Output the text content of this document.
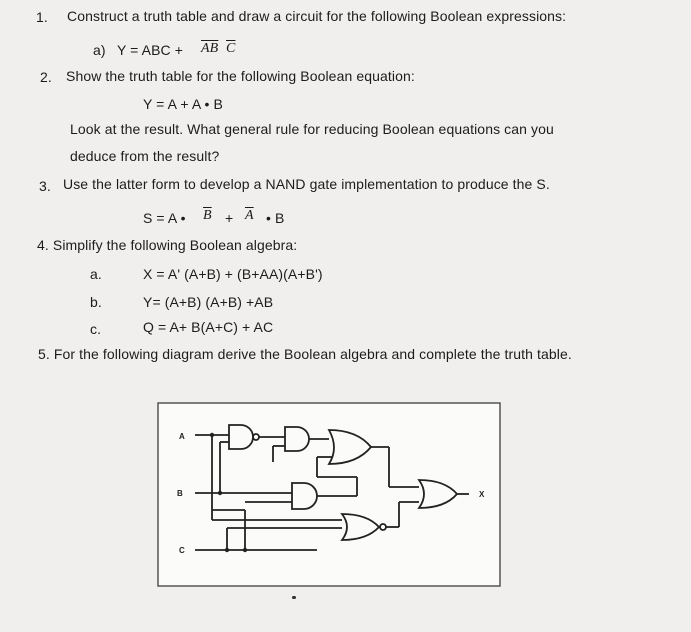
1. Construct a truth table and draw a circuit for the following Boolean expressions:
a) Y = ABC + $\overline{AB}$ $\overline{C}$
2. Show the truth table for the following Boolean equation:
Y = A + A • B
Look at the result. What general rule for reducing Boolean equations can you
deduce from the result?
3. Use the latter form to develop a NAND gate implementation to produce the S.
S = A • $\overline{B} + \overline{A}$ • B
4. Simplify the following Boolean algebra:
a.	X = A' (A+B) + (B+AA)(A+B')
b.	Y= (A+B) (A+B) +AB
c.	Q = A+ B(A+C) + AC
5. For the following diagram derive the Boolean algebra and complete the truth table.
A
B
C
X
